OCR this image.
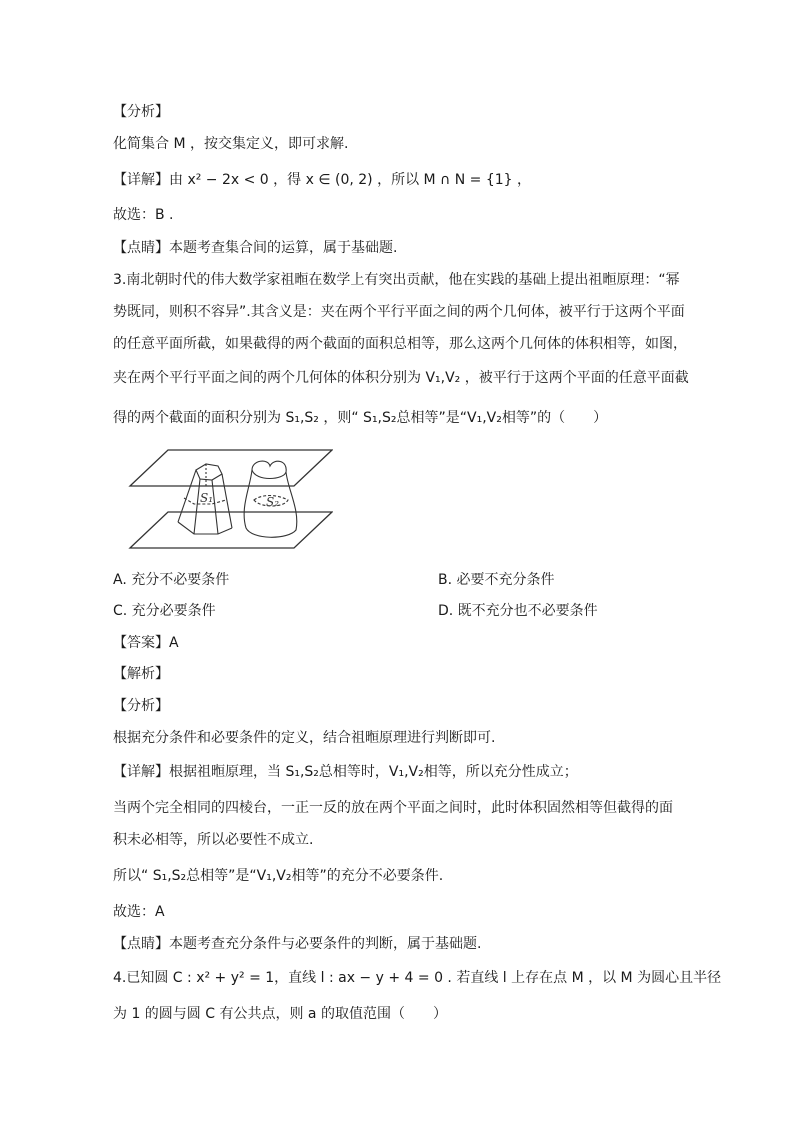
【分析】
化简集合 M ，按交集定义，即可求解.
【详解】由 x² − 2x < 0 ，得 x ∈ (0, 2) ，所以 M ∩ N = {1} ，
故选：B .
【点睛】本题考查集合间的运算，属于基础题.
3.南北朝时代的伟大数学家祖暅在数学上有突出贡献，他在实践的基础上提出祖暅原理：“幂
势既同，则积不容异”.其含义是：夹在两个平行平面之间的两个几何体，被平行于这两个平面
的任意平面所截，如果截得的两个截面的面积总相等，那么这两个几何体的体积相等，如图，
夹在两个平行平面之间的两个几何体的体积分别为 V₁,V₂ ，被平行于这两个平面的任意平面截
得的两个截面的面积分别为 S₁,S₂ ，则“ S₁,S₂总相等”是“V₁,V₂相等”的（　　）
S₁	S₂
A. 充分不必要条件	B. 必要不充分条件
C. 充分必要条件	D. 既不充分也不必要条件
【答案】A
【解析】
【分析】
根据充分条件和必要条件的定义，结合祖暅原理进行判断即可.
【详解】根据祖暅原理，当 S₁,S₂总相等时，V₁,V₂相等，所以充分性成立；
当两个完全相同的四棱台，一正一反的放在两个平面之间时，此时体积固然相等但截得的面
积未必相等，所以必要性不成立.
所以“ S₁,S₂总相等”是“V₁,V₂相等”的充分不必要条件.
故选：A
【点睛】本题考查充分条件与必要条件的判断，属于基础题.
4.已知圆 C : x² + y² = 1，直线 l : ax − y + 4 = 0 . 若直线 l 上存在点 M ，以 M 为圆心且半径
为 1 的圆与圆 C 有公共点，则 a 的取值范围（　　）
